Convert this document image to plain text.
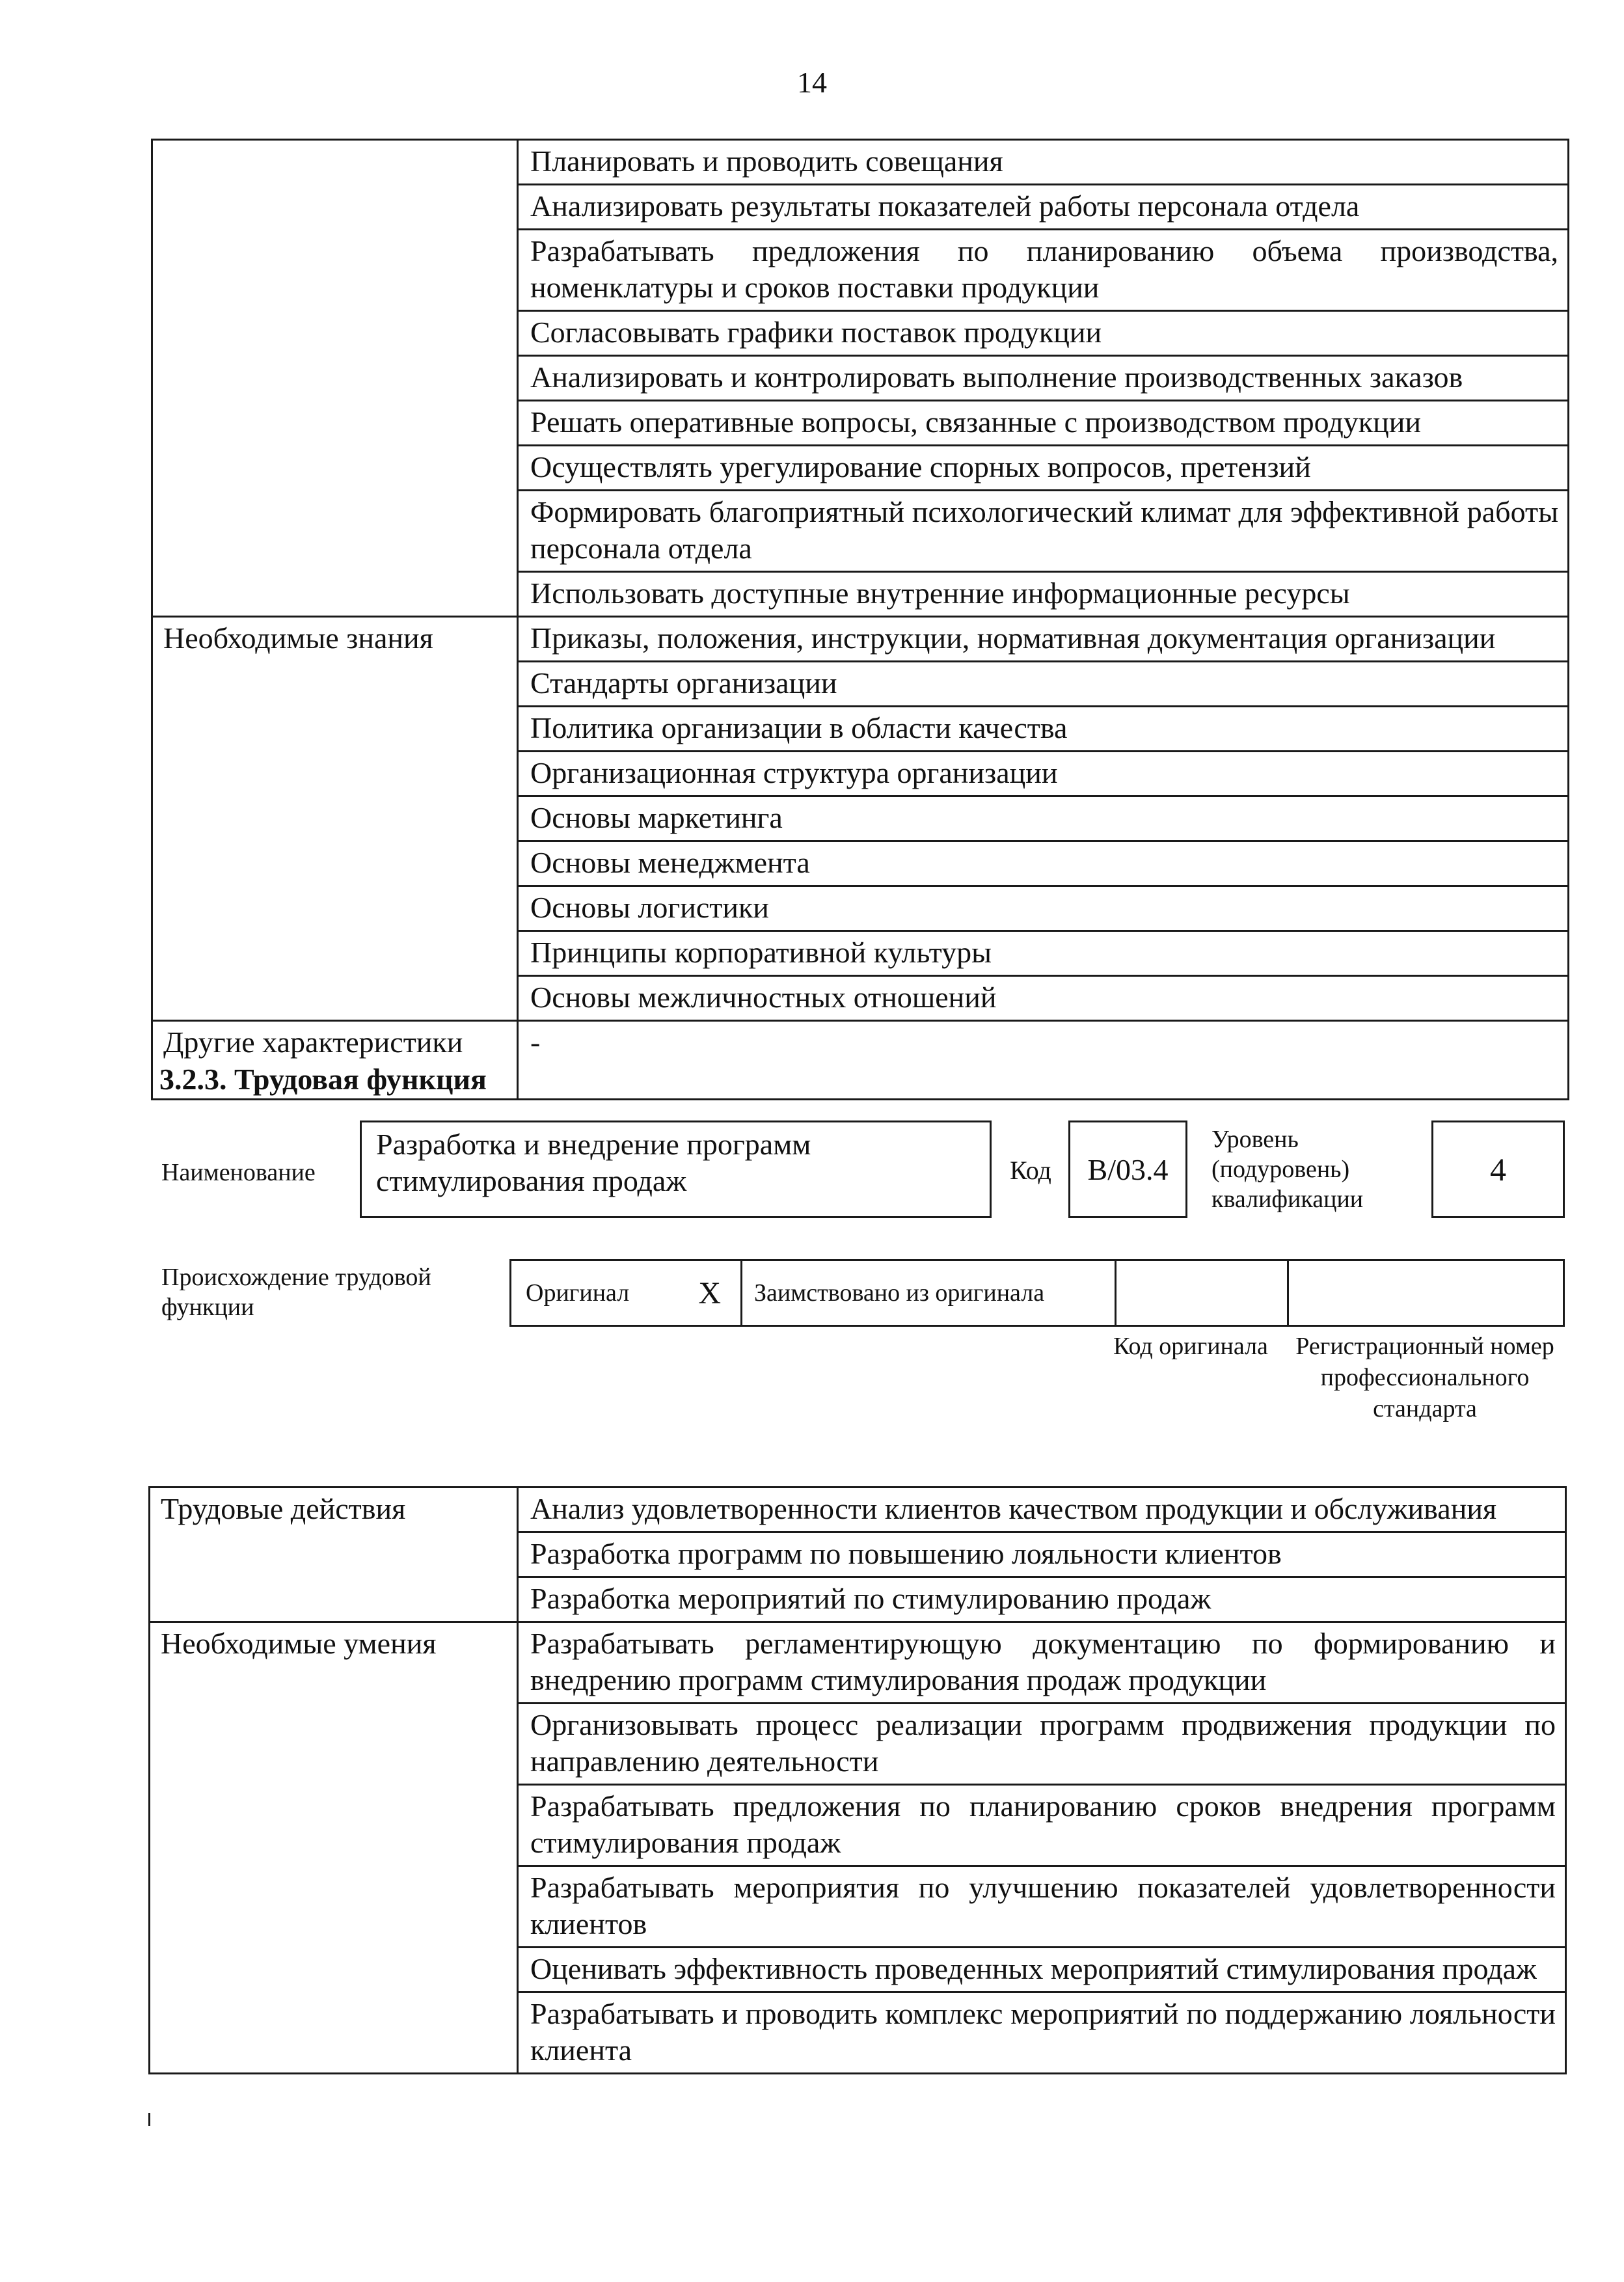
14
	Планировать и проводить совещания
	Анализировать результаты показателей работы персонала отдела
	Разрабатывать предложения по планированию объема производства, номенклатуры и сроков поставки продукции
	Согласовывать графики поставок продукции
	Анализировать и контролировать выполнение производственных заказов
	Решать оперативные вопросы, связанные с производством продукции
	Осуществлять урегулирование спорных вопросов, претензий
	Формировать благоприятный психологический климат для эффективной работы персонала отдела
	Использовать доступные внутренние информационные ресурсы
Необходимые знания	Приказы, положения, инструкции, нормативная документация организации
	Стандарты организации
	Политика организации в области качества
	Организационная структура организации
	Основы маркетинга
	Основы менеджмента
	Основы логистики
	Принципы корпоративной культуры
	Основы межличностных отношений
Другие характеристики	-
3.2.3. Трудовая функция
Наименование
Разработка и внедрение программ стимулирования продаж	Код	B/03.4
Уровень
(подуровень)
квалификации
4
Происхождение трудовой функции
Оригинал X Заимствовано из оригинала
Код оригинала Регистрационный номер профессионального стандарта
Трудовые действия	Анализ удовлетворенности клиентов качеством продукции и обслуживания
	Разработка программ по повышению лояльности клиентов
	Разработка мероприятий по стимулированию продаж
Необходимые умения	Разрабатывать регламентирующую документацию по формированию и внедрению программ стимулирования продаж продукции
	Организовывать процесс реализации программ продвижения продукции по направлению деятельности
	Разрабатывать предложения по планированию сроков внедрения программ стимулирования продаж
	Разрабатывать мероприятия по улучшению показателей удовлетворенности клиентов
	Оценивать эффективность проведенных мероприятий стимулирования продаж
	Разрабатывать и проводить комплекс мероприятий по поддержанию лояльности клиента
